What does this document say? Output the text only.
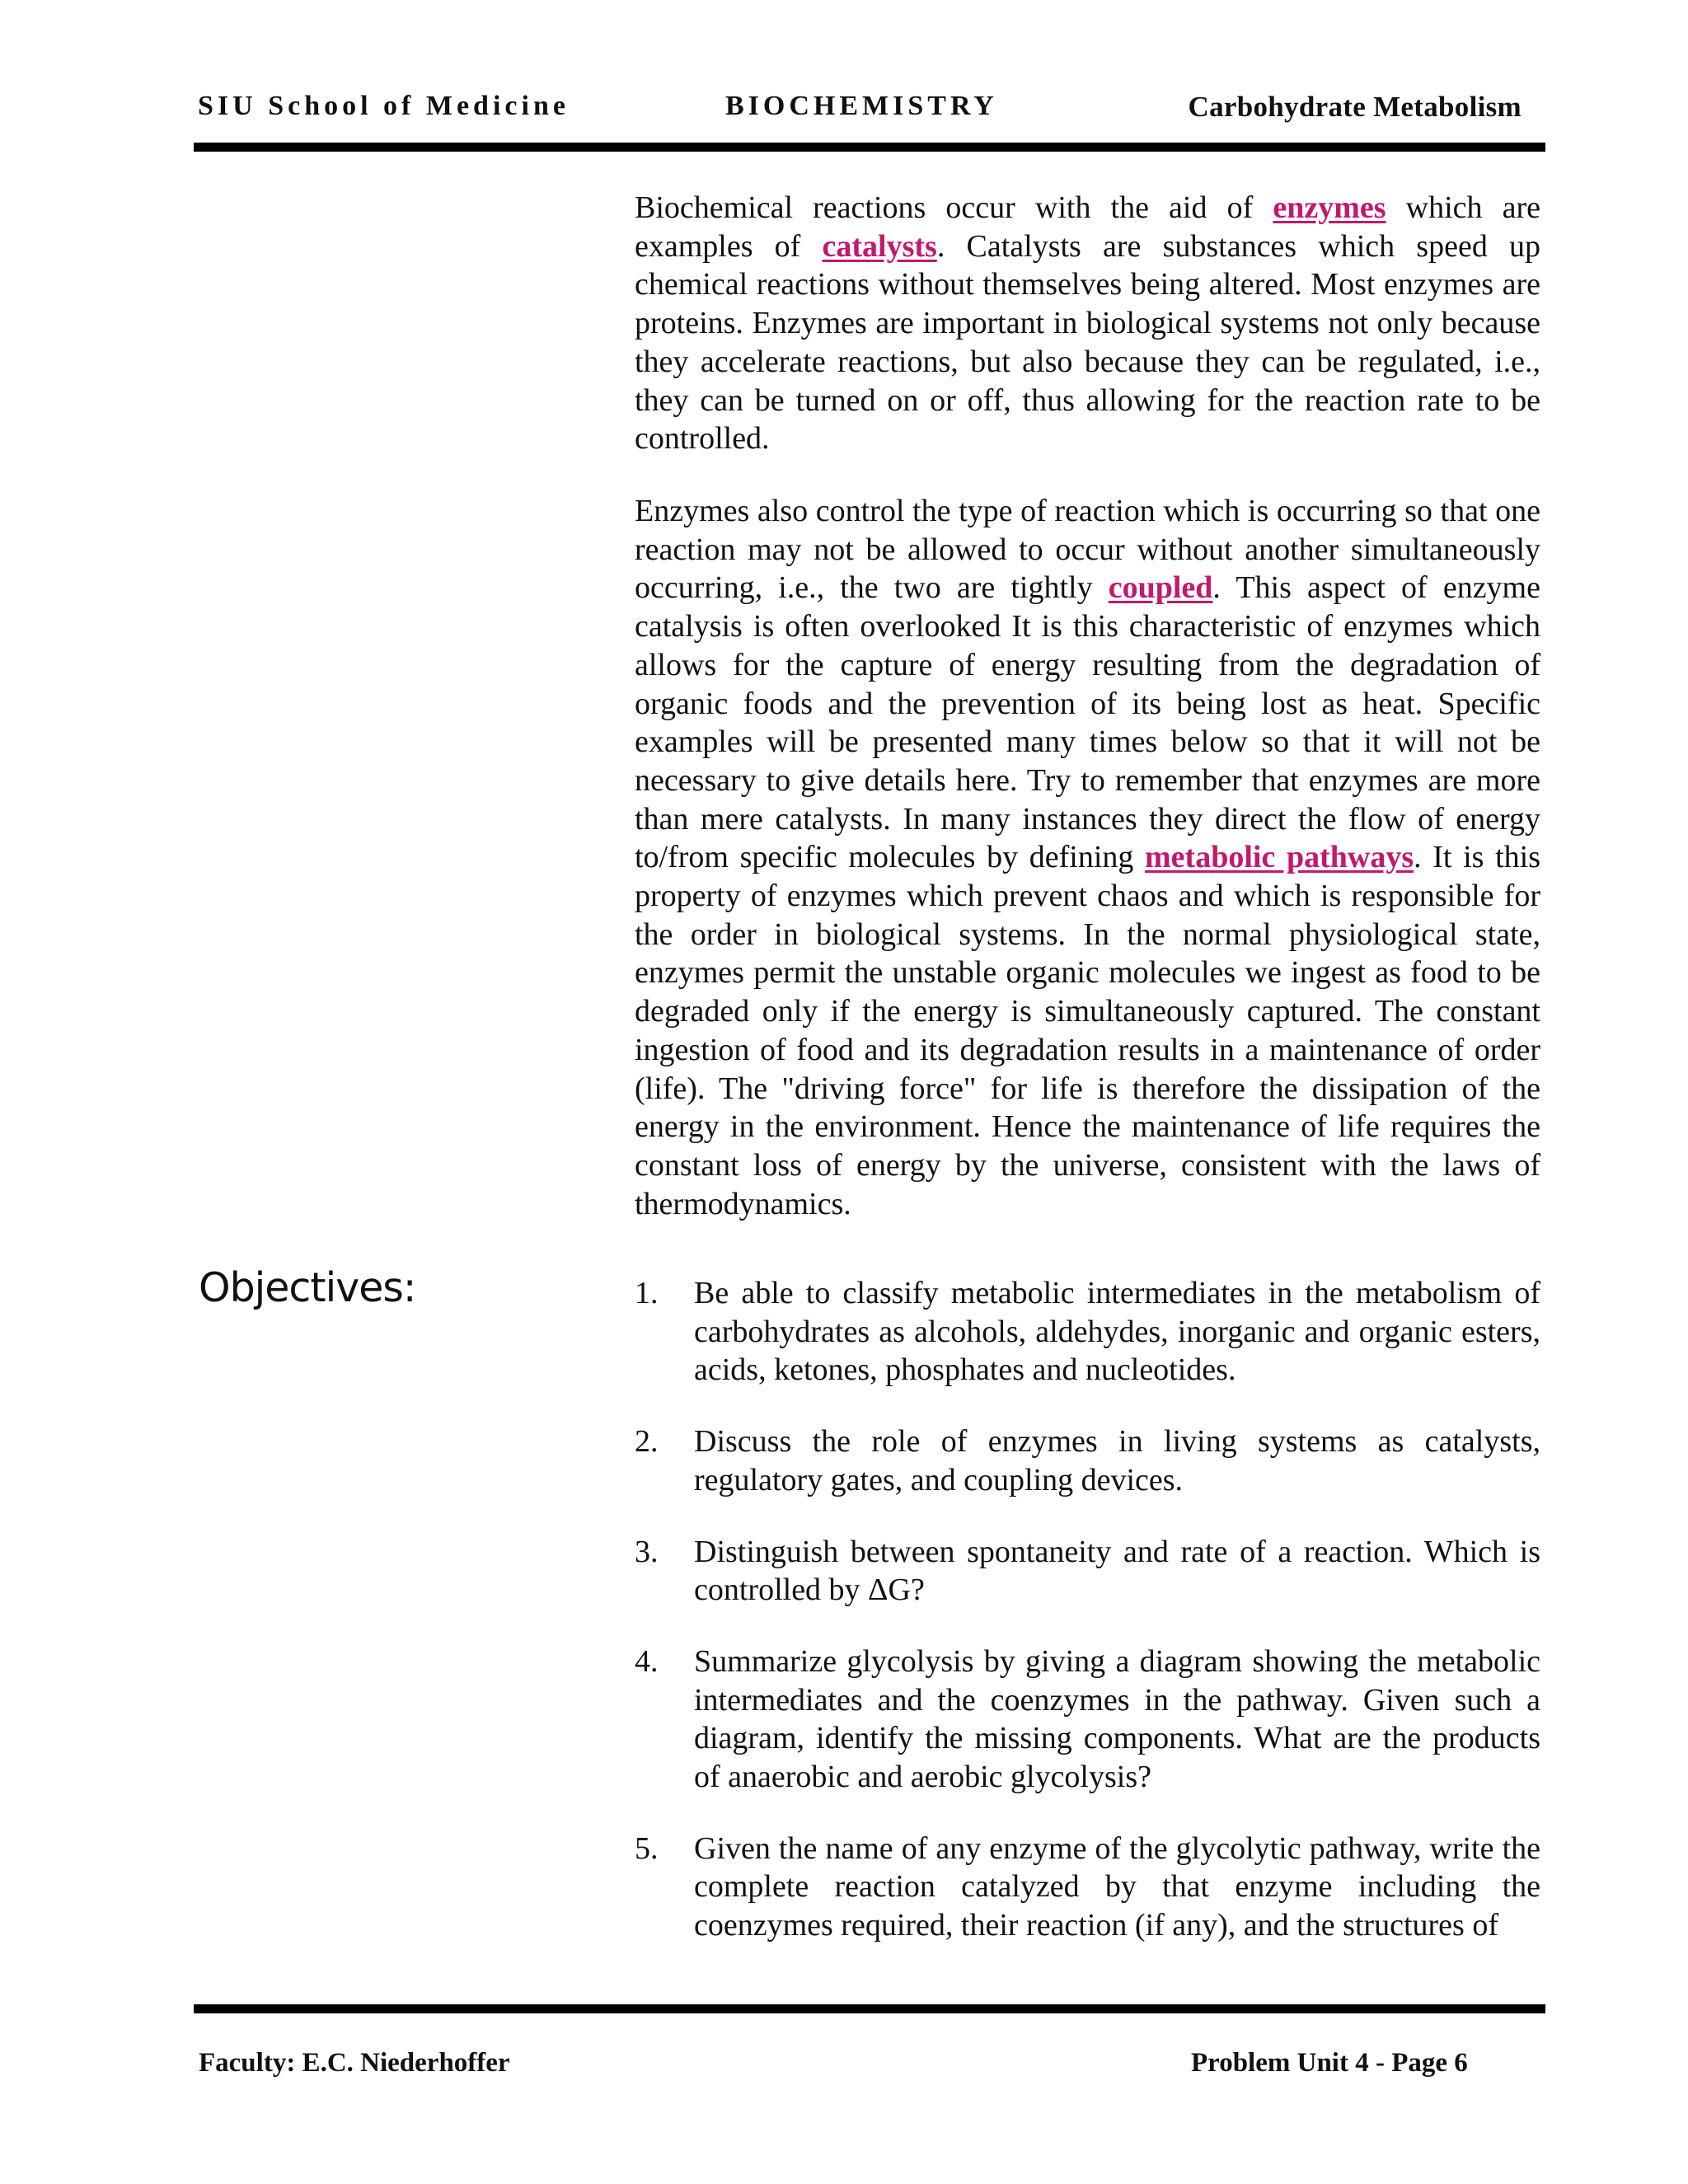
SIU School of Medicine	BIOCHEMISTRY	Carbohydrate Metabolism

Biochemical reactions occur with the aid of enzymes which are examples of catalysts. Catalysts are substances which speed up chemical reactions without themselves being altered. Most enzymes are proteins. Enzymes are important in biological systems not only because they accelerate reactions, but also because they can be regulated, i.e., they can be turned on or off, thus allowing for the reaction rate to be controlled.

Enzymes also control the type of reaction which is occurring so that one reaction may not be allowed to occur without another simultaneously occurring, i.e., the two are tightly coupled. This aspect of enzyme catalysis is often overlooked It is this characteristic of enzymes which allows for the capture of energy resulting from the degradation of organic foods and the prevention of its being lost as heat. Specific examples will be presented many times below so that it will not be necessary to give details here. Try to remember that enzymes are more than mere catalysts. In many instances they direct the flow of energy to/from specific molecules by defining metabolic pathways. It is this property of enzymes which prevent chaos and which is responsible for the order in biological systems. In the normal physiological state, enzymes permit the unstable organic molecules we ingest as food to be degraded only if the energy is simultaneously captured. The constant ingestion of food and its degradation results in a maintenance of order (life). The "driving force" for life is therefore the dissipation of the energy in the environment. Hence the maintenance of life requires the constant loss of energy by the universe, consistent with the laws of thermodynamics.

Objectives:	1. Be able to classify metabolic intermediates in the metabolism of carbohydrates as alcohols, aldehydes, inorganic and organic esters, acids, ketones, phosphates and nucleotides.
2. Discuss the role of enzymes in living systems as catalysts, regulatory gates, and coupling devices.
3. Distinguish between spontaneity and rate of a reaction. Which is controlled by ΔG?
4. Summarize glycolysis by giving a diagram showing the metabolic intermediates and the coenzymes in the pathway. Given such a diagram, identify the missing components. What are the products of anaerobic and aerobic glycolysis?
5. Given the name of any enzyme of the glycolytic pathway, write the complete reaction catalyzed by that enzyme including the coenzymes required, their reaction (if any), and the structures of
Faculty: E.C. Niederhoffer	Problem Unit 4 - Page 6
